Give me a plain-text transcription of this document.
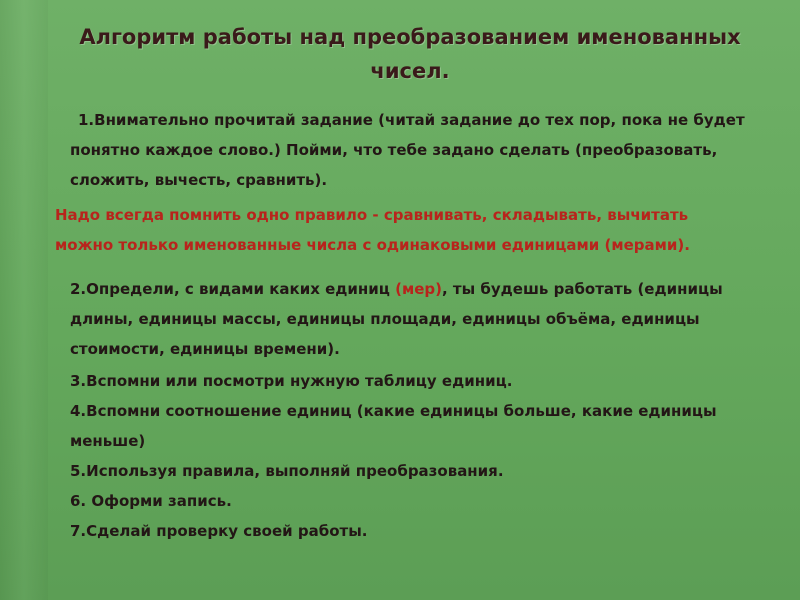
Алгоритм работы над преобразованием именованных
чисел.
1.Внимательно прочитай задание (читай задание до тех пор, пока не будет
понятно каждое слово.) Пойми, что тебе задано сделать (преобразовать,
сложить, вычесть, сравнить).
Надо всегда помнить одно правило - сравнивать, складывать, вычитать
можно только именованные числа с одинаковыми единицами (мерами).
2.Определи, с видами каких единиц (мер), ты будешь работать (единицы
длины, единицы массы, единицы площади, единицы объёма, единицы
стоимости, единицы времени).
3.Вспомни или посмотри нужную таблицу единиц.
4.Вспомни соотношение единиц (какие единицы больше, какие единицы
меньше)
5.Используя правила, выполняй преобразования.
6. Оформи запись.
7.Сделай проверку своей работы.
